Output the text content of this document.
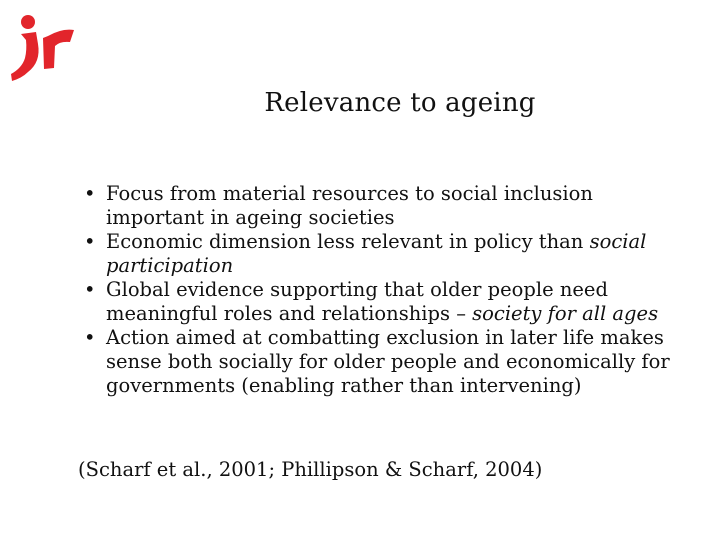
Relevance to ageing
• Focus from material resources to social inclusion important in ageing societies
• Economic dimension less relevant in policy than social participation
• Global evidence supporting that older people need meaningful roles and relationships – society for all ages
• Action aimed at combatting exclusion in later life makes sense both socially for older people and economically for governments (enabling rather than intervening)
(Scharf et al., 2001; Phillipson & Scharf, 2004)
